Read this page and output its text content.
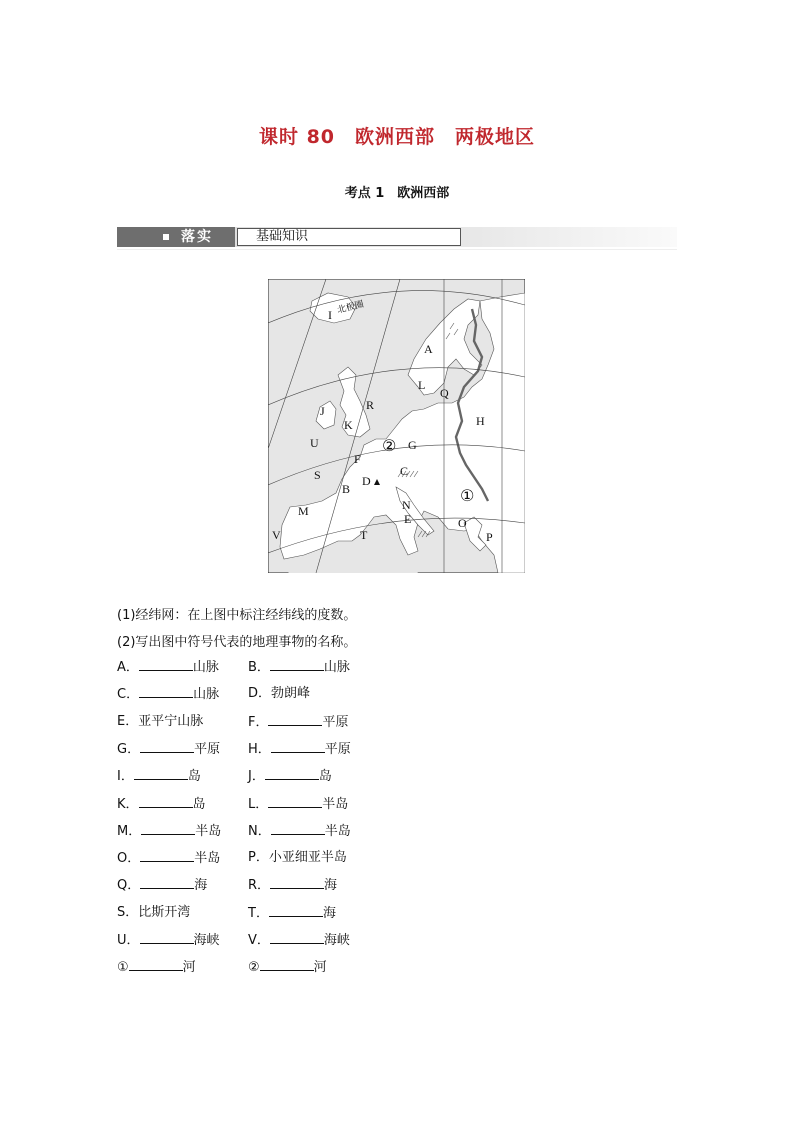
课时 80　欧洲西部　两极地区
考点 1　欧洲西部
落实	基础知识
北极圈
I
A
L
Q
R
J
H
K
U	G
F
C
S	D
B
N
M
E	O
T
V	P
②
①
(1)经纬网：在上图中标注经纬线的度数。
(2)写出图中符号代表的地理事物的名称。
A．	山脉 B．	山脉
C．	山脉 D．勃朗峰
E．亚平宁山脉	F．	平原
G．	平原 H．	平原
I．	岛	J．	岛
K．	岛	L．	半岛
M．	半岛 N．	半岛
O．	半岛 P．小亚细亚半岛
Q．	海	R．	海
S．比斯开湾	T．	海
U．	海峡 V．	海峡
①	河	②	河
